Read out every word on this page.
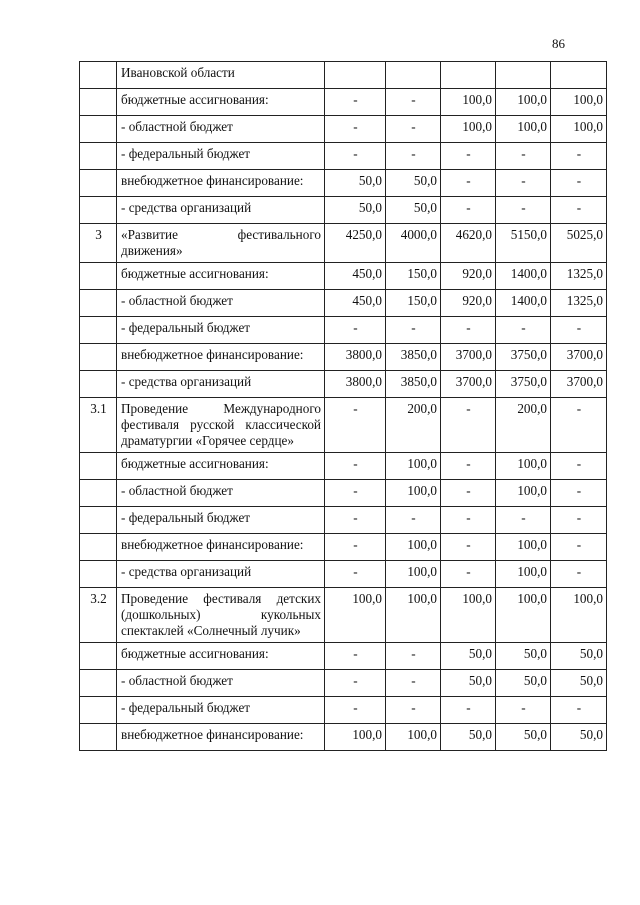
86
	Ивановской области					
	бюджетные ассигнования:	-	-	100,0	100,0	100,0
	- областной бюджет	-	-	100,0	100,0	100,0
	- федеральный бюджет	-	-	-	-	-
	внебюджетное финансирование:	50,0	50,0	-	-	-
	- средства организаций	50,0	50,0	-	-	-
3	«Развитие фестивального движения»	4250,0	4000,0	4620,0	5150,0	5025,0
	бюджетные ассигнования:	450,0	150,0	920,0	1400,0	1325,0
	- областной бюджет	450,0	150,0	920,0	1400,0	1325,0
	- федеральный бюджет	-	-	-	-	-
	внебюджетное финансирование:	3800,0	3850,0	3700,0	3750,0	3700,0
	- средства организаций	3800,0	3850,0	3700,0	3750,0	3700,0
3.1	Проведение Международного фестиваля русской классической драматургии «Горячее сердце»	-	200,0	-	200,0	-
	бюджетные ассигнования:	-	100,0	-	100,0	-
	- областной бюджет	-	100,0	-	100,0	-
	- федеральный бюджет	-	-	-	-	-
	внебюджетное финансирование:	-	100,0	-	100,0	-
	- средства организаций	-	100,0	-	100,0	-
3.2	Проведение фестиваля детских (дошкольных) кукольных спектаклей «Солнечный лучик»	100,0	100,0	100,0	100,0	100,0
	бюджетные ассигнования:	-	-	50,0	50,0	50,0
	- областной бюджет	-	-	50,0	50,0	50,0
	- федеральный бюджет	-	-	-	-	-
	внебюджетное финансирование:	100,0	100,0	50,0	50,0	50,0
